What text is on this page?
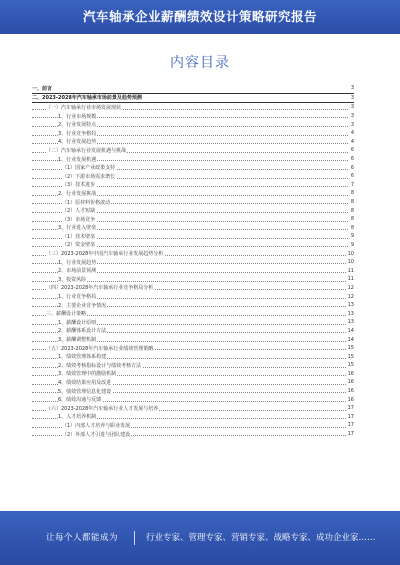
汽车轴承企业薪酬绩效设计策略研究报告
内容目录
一、前言	3
二、2023-2028年汽车轴承市场前景及趋势预测	3
（一）汽车轴承行业市场发展现状	3
1、行业市场规模	3
2、行业发展特点	3
3、行业竞争格局	4
4、行业发展趋势	4
（二）汽车轴承行业发展机遇与挑战	6
1、行业发展机遇	6
（1）国家产业政策支持	6
（2）下游市场需求增长	6
（3）技术进步	7
2、行业发展挑战	8
（1）原材料价格波动	8
（2）人才短缺	8
（3）市场竞争	8
3、行业进入壁垒	8
（1）技术壁垒	9
（2）资金壁垒	9
（三）2023-2028年中国汽车轴承行业发展趋势分析	10
1、行业发展趋势	10
2、市场前景预测	11
3、投资风险	11
（四）2023-2028年汽车轴承行业竞争格局分析	12
1、行业竞争格局	12
2、主要企业竞争情况	13
三、薪酬设计策略	13
1、薪酬设计原则	13
2、薪酬体系设计方法	14
3、薪酬调整机制	14
（五）2023-2028年汽车轴承行业绩效管理策略	15
1、绩效管理体系构建	15
2、绩效考核指标设计与绩效考核方法	15
3、绩效管理中的激励机制	16
4、绩效结果应用及改进	16
5、绩效管理信息化建设	16
6、绩效沟通与反馈	16
（六）2023-2028年汽车轴承行业人才发展与培养	17
1、人才培养机制	17
（1）内部人才培养与职业发展	17
（2）外部人才引进与团队建设	17
让每个人都能成为	行业专家、管理专家、营销专家、战略专家、成功企业家……
